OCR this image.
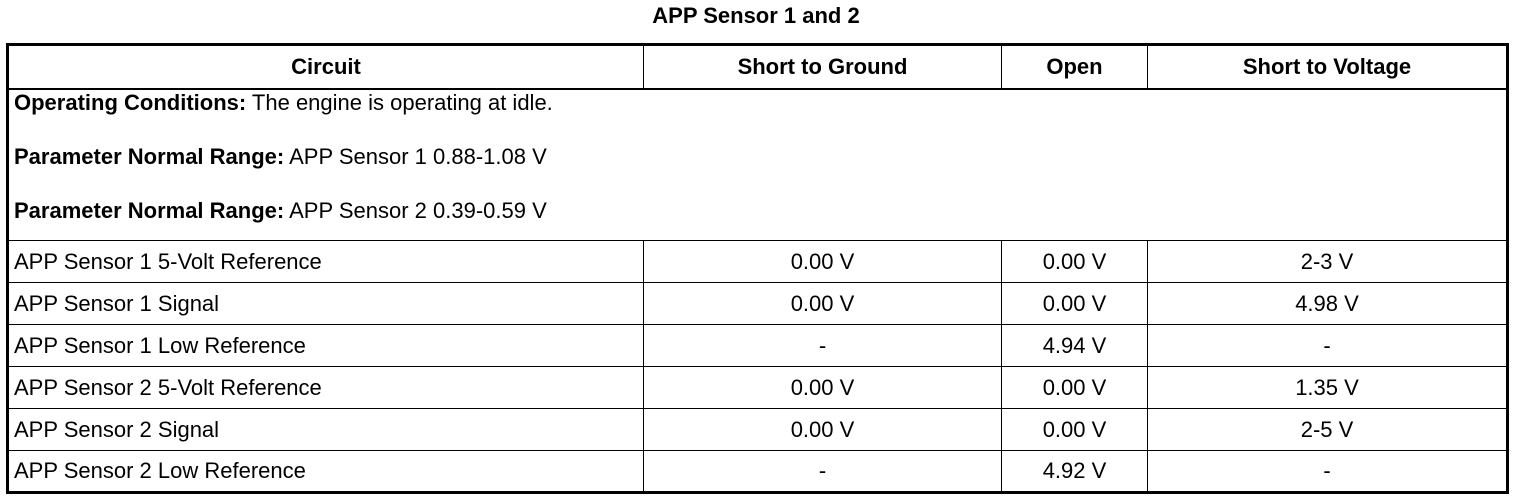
APP Sensor 1 and 2
Circuit	Short to Ground	Open	Short to Voltage

Operating Conditions: The engine is operating at idle.
Parameter Normal Range: APP Sensor 1 0.88-1.08 V
Parameter Normal Range: APP Sensor 2 0.39-0.59 V			

APP Sensor 1 5-Volt Reference	0.00 V	0.00 V	2-3 V
APP Sensor 1 Signal	0.00 V	0.00 V	4.98 V
APP Sensor 1 Low Reference	-	4.94 V	-
APP Sensor 2 5-Volt Reference	0.00 V	0.00 V	1.35 V
APP Sensor 2 Signal	0.00 V	0.00 V	2-5 V
APP Sensor 2 Low Reference	-	4.92 V	-
